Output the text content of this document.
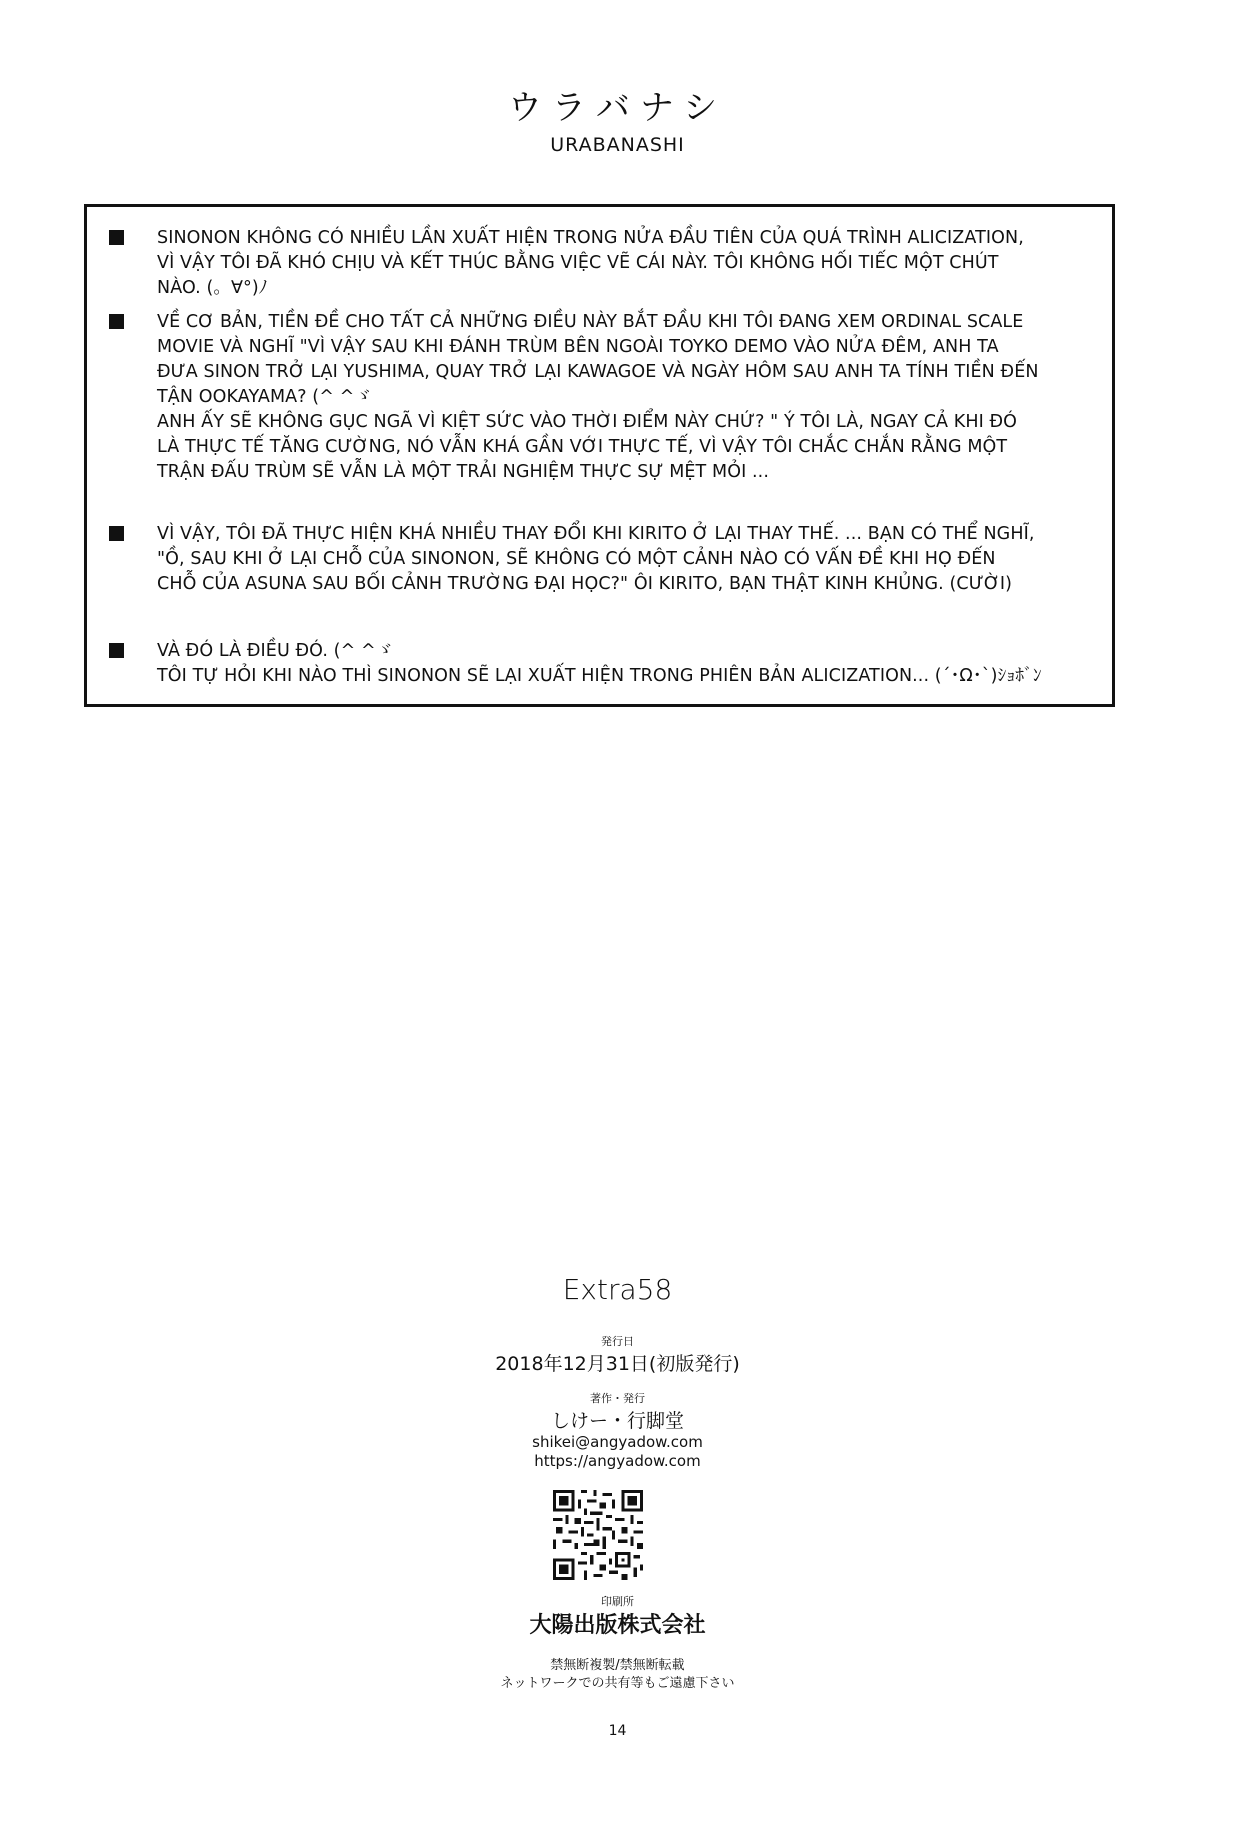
ウラバナシ
URABANASHI

SINONON KHÔNG CÓ NHIỀU LẦN XUẤT HIỆN TRONG NỬA ĐẦU TIÊN CỦA QUÁ TRÌNH ALICIZATION,

VÌ VẬY TÔI ĐÃ KHÓ CHỊU VÀ KẾT THÚC BẰNG VIỆC VẼ CÁI NÀY. TÔI KHÔNG HỐI TIẾC MỘT CHÚT

NÀO. (。∀°)ﾉ

VỀ CƠ BẢN, TIỀN ĐỀ CHO TẤT CẢ NHỮNG ĐIỀU NÀY BẮT ĐẦU KHI TÔI ĐANG XEM ORDINAL SCALE

MOVIE VÀ NGHĨ "VÌ VẬY SAU KHI ĐÁNH TRÙM BÊN NGOÀI TOYKO DEMO VÀO NỬA ĐÊM, ANH TA

ĐƯA SINON TRỞ LẠI YUSHIMA, QUAY TRỞ LẠI KAWAGOE VÀ NGÀY HÔM SAU ANH TA TÍNH TIỀN ĐẾN

TẬN OOKAYAMA? (^ ^ゞ

ANH ẤY SẼ KHÔNG GỤC NGÃ VÌ KIỆT SỨC VÀO THỜI ĐIỂM NÀY CHỨ? " Ý TÔI LÀ, NGAY CẢ KHI ĐÓ

LÀ THỰC TẾ TĂNG CƯỜNG, NÓ VẪN KHÁ GẦN VỚI THỰC TẾ, VÌ VẬY TÔI CHẮC CHẮN RẰNG MỘT

TRẬN ĐẤU TRÙM SẼ VẪN LÀ MỘT TRẢI NGHIỆM THỰC SỰ MỆT MỎI ...

VÌ VẬY, TÔI ĐÃ THỰC HIỆN KHÁ NHIỀU THAY ĐỔI KHI KIRITO Ở LẠI THAY THẾ. ... BẠN CÓ THỂ NGHĨ,

"Ồ, SAU KHI Ở LẠI CHỖ CỦA SINONON, SẼ KHÔNG CÓ MỘT CẢNH NÀO CÓ VẤN ĐỀ KHI HỌ ĐẾN

CHỖ CỦA ASUNA SAU BỐI CẢNH TRƯỜNG ĐẠI HỌC?" ÔI KIRITO, BẠN THẬT KINH KHỦNG. (CƯỜI)

VÀ ĐÓ LÀ ĐIỀU ĐÓ. (^ ^ゞ

TÔI TỰ HỎI KHI NÀO THÌ SINONON SẼ LẠI XUẤT HIỆN TRONG PHIÊN BẢN ALICIZATION... (´･Ω･`)ｼｮﾎﾞﾝ

Extra58
発行日
2018年12月31日(初版発行)
著作・発行
しけー・行脚堂
shikei@angyadow.com
https://angyadow.com
印刷所
大陽出版株式会社
禁無断複製/禁無断転載
ネットワークでの共有等もご遠慮下さい
14
